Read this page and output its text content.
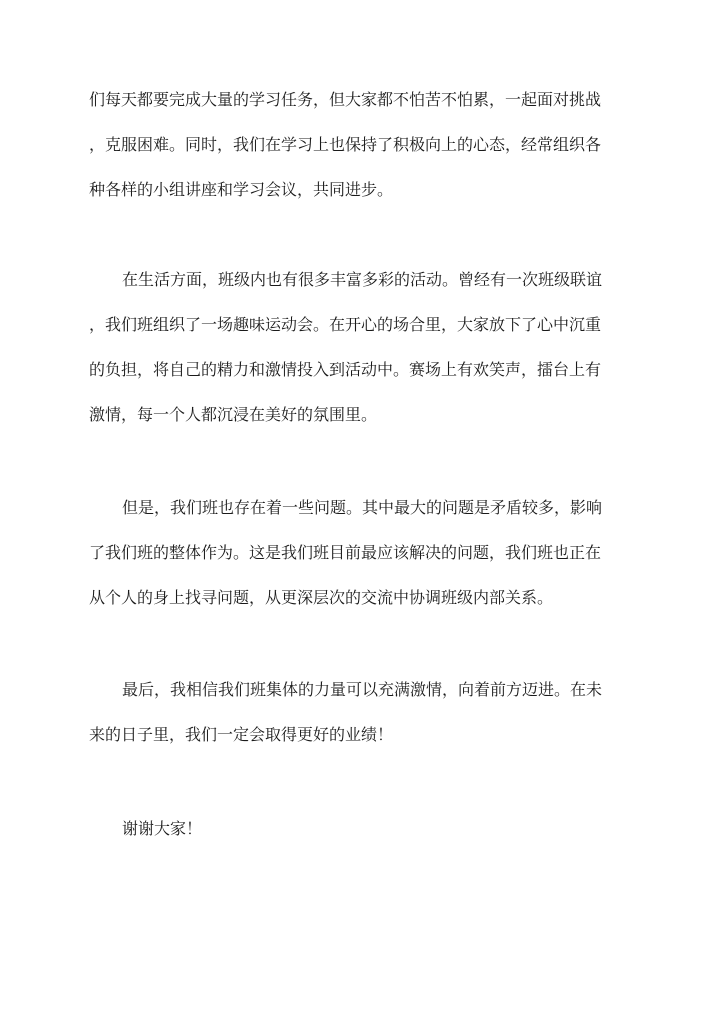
们每天都要完成大量的学习任务，但大家都不怕苦不怕累，一起面对挑战

，克服困难。同时，我们在学习上也保持了积极向上的心态，经常组织各

种各样的小组讲座和学习会议，共同进步。

在生活方面，班级内也有很多丰富多彩的活动。曾经有一次班级联谊

，我们班组织了一场趣味运动会。在开心的场合里，大家放下了心中沉重

的负担，将自己的精力和激情投入到活动中。赛场上有欢笑声，擂台上有

激情，每一个人都沉浸在美好的氛围里。

但是，我们班也存在着一些问题。其中最大的问题是矛盾较多，影响

了我们班的整体作为。这是我们班目前最应该解决的问题，我们班也正在

从个人的身上找寻问题，从更深层次的交流中协调班级内部关系。

最后，我相信我们班集体的力量可以充满激情，向着前方迈进。在未

来的日子里，我们一定会取得更好的业绩！

谢谢大家！
